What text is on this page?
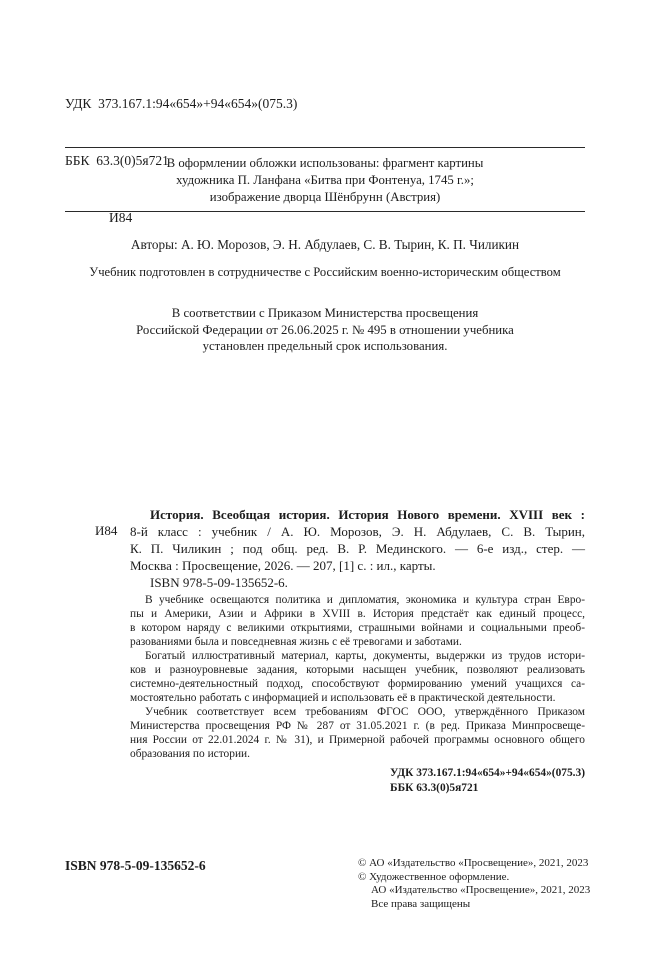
УДК  373.167.1:94«654»+94«654»(075.3)

ББК  63.3(0)5я721

И84

В оформлении обложки использованы: фрагмент картины
художника П. Ланфана «Битва при Фонтенуа, 1745 г.»;
изображение дворца Шёнбрунн (Австрия)
Авторы: А. Ю. Морозов, Э. Н. Абдулаев, С. В. Тырин, К. П. Чиликин
Учебник подготовлен в сотрудничестве с Российским военно-историческим обществом
В соответствии с Приказом Министерства просвещения
Российской Федерации от 26.06.2025 г. № 495 в отношении учебника
установлен предельный срок использования.
И84
История. Всеобщая история. История Нового времени. XVIII век :
8-й класс : учебник / А. Ю. Морозов, Э. Н. Абдулаев, С. В. Тырин,
К. П. Чиликин ; под общ. ред. В. Р. Мединского. — 6-е изд., стер. —
Москва : Просвещение, 2026. — 207, [1] с. : ил., карты.
ISBN 978-5-09-135652-6.
В учебнике освещаются политика и дипломатия, экономика и культура стран Евро-
пы и Америки, Азии и Африки в XVIII в. История предстаёт как единый процесс,
в котором наряду с великими открытиями, страшными войнами и социальными преоб-
разованиями была и повседневная жизнь с её тревогами и заботами.
Богатый иллюстративный материал, карты, документы, выдержки из трудов истори-
ков и разноуровневые задания, которыми насыщен учебник, позволяют реализовать
системно-деятельностный подход, способствуют формированию умений учащихся са-
мостоятельно работать с информацией и использовать её в практической деятельности.
Учебник соответствует всем требованиям ФГОС ООО, утверждённого Приказом
Министерства просвещения РФ № 287 от 31.05.2021 г. (в ред. Приказа Минпросвеще-
ния России от 22.01.2024 г. № 31), и Примерной рабочей программы основного общего
образования по истории.
УДК 373.167.1:94«654»+94«654»(075.3)
ББК 63.3(0)5я721
ISBN 978-5-09-135652-6	© АО «Издательство «Просвещение», 2021, 2023
© Художественное оформление.
АО «Издательство «Просвещение», 2021, 2023
Все права защищены
